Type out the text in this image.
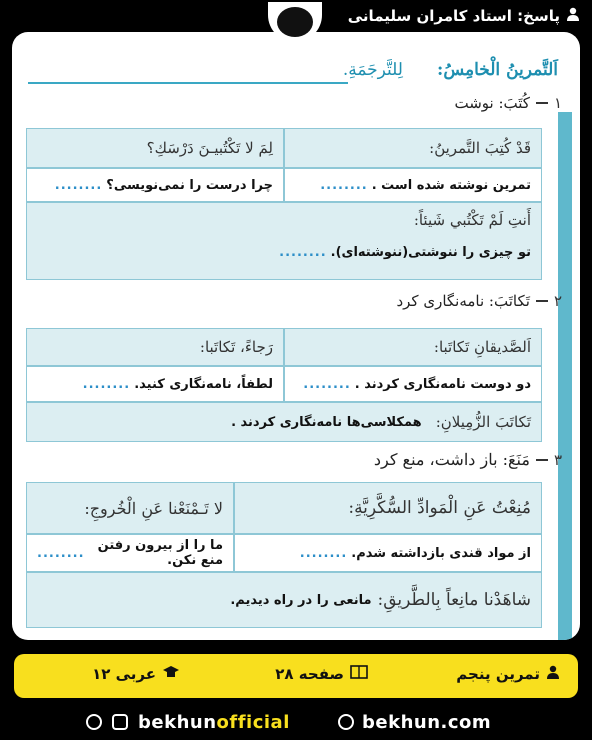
پاسخ: استاد کامران سلیمانی
اَلتَّمرينُ الْخامِسُ:
لِلتَّرجَمَةِ.
۱
كُتَبَ: نوشت
قَدْ كُتِبَ التَّمرينُ:
لِمَ لا تَكْتُبيـنَ دَرْسَكِ؟
تمرین نوشته شده است .
........
چرا درست را نمی‌نویسی؟
........
أَنتِ لَمْ تَكْتُبي شَيئاً:
تو چیزی را ننوشتی(ننوشته‌ای).
........
۲
تَكاتَبَ: نامه‌نگاری کرد
اَلصَّديقانِ تَكاتَبا:
رَجاءً، تَكاتَبا:
دو دوست نامه‌نگاری کردند .
........
لطفاً، نامه‌نگاری کنید.
........
تَكاتَبَ الزُّمِيلانِ:
همکلاسی‌ها نامه‌نگاری کردند .
۳
مَنَعَ: باز داشت، منع کرد
مُنِعْتُ عَنِ الْمَوادِّ السُّكَّرِيَّةِ:
لا تَـمْنَعْنا عَنِ الْخُروجِ:
از مواد قندی بازداشته شدم.
........
ما را از بیرون رفتن منع نکن.
........
شاهَدْنا مانِعاً بِالطَّريقِ:
مانعی را در راه دیدیم.
تمرین پنجم
صفحه ۲۸
عربی ۱۲
bekhunofficial	bekhun.com
